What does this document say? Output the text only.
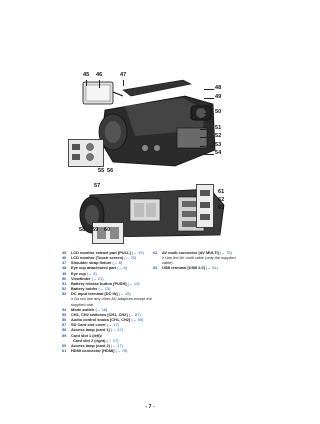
45 46	47
48
49
50
51
52
53
54
55 56
57
58 59 60
61
62
63
45 LCD monitor extract part [PULL] (→ 19)
46 LCD monitor (Touch screen) (→ 20)
47 Shoulder strap fixture (→ 8)
48 Eye cup attachment part (→ 8)
49 Eye cup (→ 8)
50 Viewfinder (→ 21)
51 Battery release button [PUSH] (→ 13)
52 Battery holder (→ 13)
53 DC input terminal [DC IN] (→ 15)
≥ Do not use any other AC adaptors except the
supplied one.
54 Mode switch (→ 16)
55 CH1, CH2 switches [CH1, CH2] (→ 87)
56 Audio control knobs [CH1, CH2] (→ 90)
57 SD Card slot cover (→ 17)
58 Access lamp (card 1) (→ 17)
59 Card slot 1 (left)/
Card slot 2 (right) (→ 17)
60 Access lamp (card 2) (→ 17)
61 HDMI connector [HDMI] (→ 75)
62 AV multi connector [AV MULTI] (→ 75)
≥ Use the AV multi cable (only the supplied
cable).
63 USB terminal [USB 2.0] (→ 91)
- 7 -
